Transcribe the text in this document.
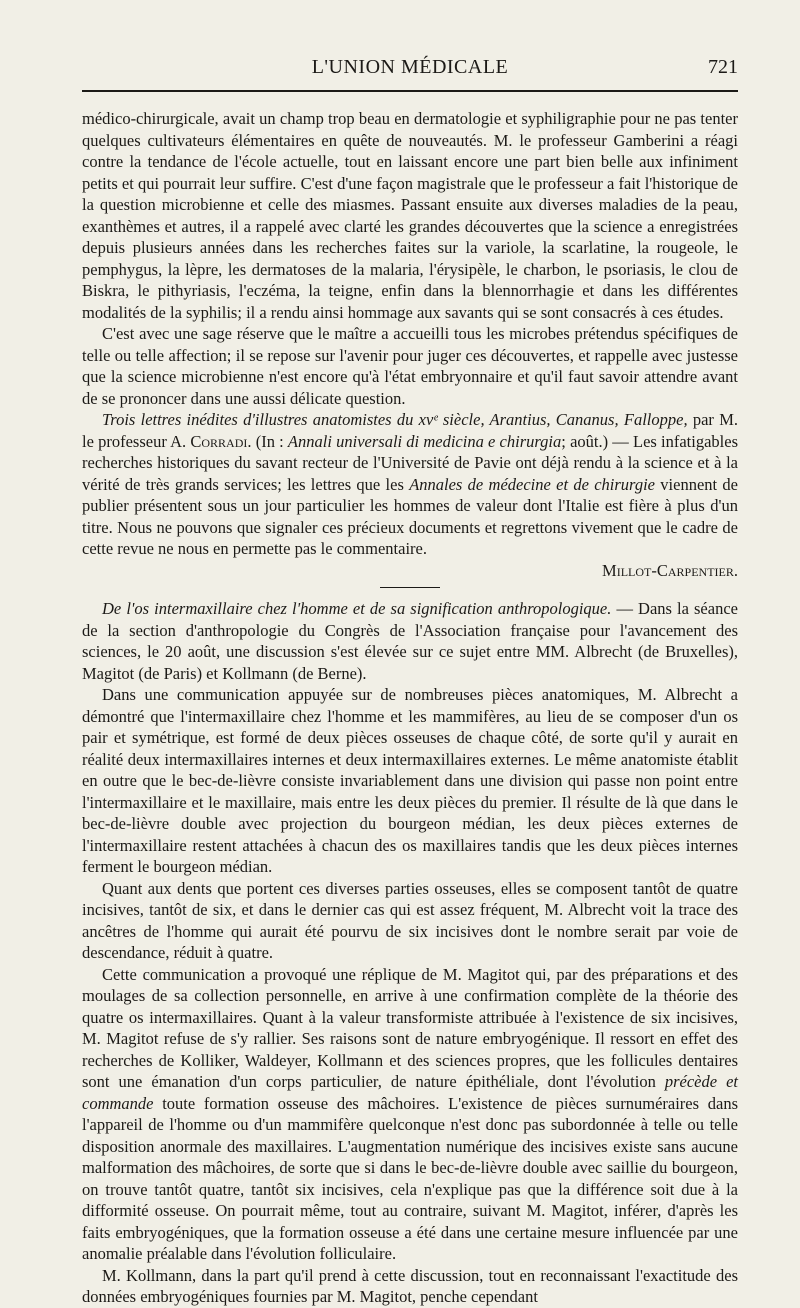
L'UNION MÉDICALE	721

médico-chirurgicale, avait un champ trop beau en dermatologie et syphiligraphie pour ne pas tenter quelques cultivateurs élémentaires en quête de nouveautés. M. le professeur Gamberini a réagi contre la tendance de l'école actuelle, tout en laissant encore une part bien belle aux infiniment petits et qui pourrait leur suffire. C'est d'une façon magistrale que le professeur a fait l'historique de la question microbienne et celle des miasmes. Passant ensuite aux diverses maladies de la peau, exanthèmes et autres, il a rappelé avec clarté les grandes découvertes que la science a enregistrées depuis plusieurs années dans les recherches faites sur la variole, la scarlatine, la rougeole, le pemphygus, la lèpre, les dermatoses de la malaria, l'érysipèle, le charbon, le psoriasis, le clou de Biskra, le pithyriasis, l'eczéma, la teigne, enfin dans la blennorrhagie et dans les différentes modalités de la syphilis; il a rendu ainsi hommage aux savants qui se sont consacrés à ces études.

C'est avec une sage réserve que le maître a accueilli tous les microbes prétendus spécifiques de telle ou telle affection; il se repose sur l'avenir pour juger ces découvertes, et rappelle avec justesse que la science microbienne n'est encore qu'à l'état embryonnaire et qu'il faut savoir attendre avant de se prononcer dans une aussi délicate question.

Trois lettres inédites d'illustres anatomistes du xvᵉ siècle, Arantius, Cananus, Falloppe, par M. le professeur A. Corradi. (In : Annali universali di medicina e chirurgia; août.) — Les infatigables recherches historiques du savant recteur de l'Université de Pavie ont déjà rendu à la science et à la vérité de très grands services; les lettres que les Annales de médecine et de chirurgie viennent de publier présentent sous un jour particulier les hommes de valeur dont l'Italie est fière à plus d'un titre. Nous ne pouvons que signaler ces précieux documents et regrettons vivement que le cadre de cette revue ne nous en permette pas le commentaire.

Millot-Carpentier.

De l'os intermaxillaire chez l'homme et de sa signification anthropologique. — Dans la séance de la section d'anthropologie du Congrès de l'Association française pour l'avancement des sciences, le 20 août, une discussion s'est élevée sur ce sujet entre MM. Albrecht (de Bruxelles), Magitot (de Paris) et Kollmann (de Berne).

Dans une communication appuyée sur de nombreuses pièces anatomiques, M. Albrecht a démontré que l'intermaxillaire chez l'homme et les mammifères, au lieu de se composer d'un os pair et symétrique, est formé de deux pièces osseuses de chaque côté, de sorte qu'il y aurait en réalité deux intermaxillaires internes et deux intermaxillaires externes. Le même anatomiste établit en outre que le bec-de-lièvre consiste invariablement dans une division qui passe non point entre l'intermaxillaire et le maxillaire, mais entre les deux pièces du premier. Il résulte de là que dans le bec-de-lièvre double avec projection du bourgeon médian, les deux pièces externes de l'intermaxillaire restent attachées à chacun des os maxillaires tandis que les deux pièces internes ferment le bourgeon médian.

Quant aux dents que portent ces diverses parties osseuses, elles se composent tantôt de quatre incisives, tantôt de six, et dans le dernier cas qui est assez fréquent, M. Albrecht voit la trace des ancêtres de l'homme qui aurait été pourvu de six incisives dont le nombre serait par voie de descendance, réduit à quatre.

Cette communication a provoqué une réplique de M. Magitot qui, par des préparations et des moulages de sa collection personnelle, en arrive à une confirmation complète de la théorie des quatre os intermaxillaires. Quant à la valeur transformiste attribuée à l'existence de six incisives, M. Magitot refuse de s'y rallier. Ses raisons sont de nature embryogénique. Il ressort en effet des recherches de Kolliker, Waldeyer, Kollmann et des sciences propres, que les follicules dentaires sont une émanation d'un corps particulier, de nature épithéliale, dont l'évolution précède et commande toute formation osseuse des mâchoires. L'existence de pièces surnuméraires dans l'appareil de l'homme ou d'un mammifère quelconque n'est donc pas subordonnée à telle ou telle disposition anormale des maxillaires. L'augmentation numérique des incisives existe sans aucune malformation des mâchoires, de sorte que si dans le bec-de-lièvre double avec saillie du bourgeon, on trouve tantôt quatre, tantôt six incisives, cela n'explique pas que la différence soit due à la difformité osseuse. On pourrait même, tout au contraire, suivant M. Magitot, inférer, d'après les faits embryogéniques, que la formation osseuse a été dans une certaine mesure influencée par une anomalie préalable dans l'évolution folliculaire.

M. Kollmann, dans la part qu'il prend à cette discussion, tout en reconnaissant l'exactitude des données embryogéniques fournies par M. Magitot, penche cependant
